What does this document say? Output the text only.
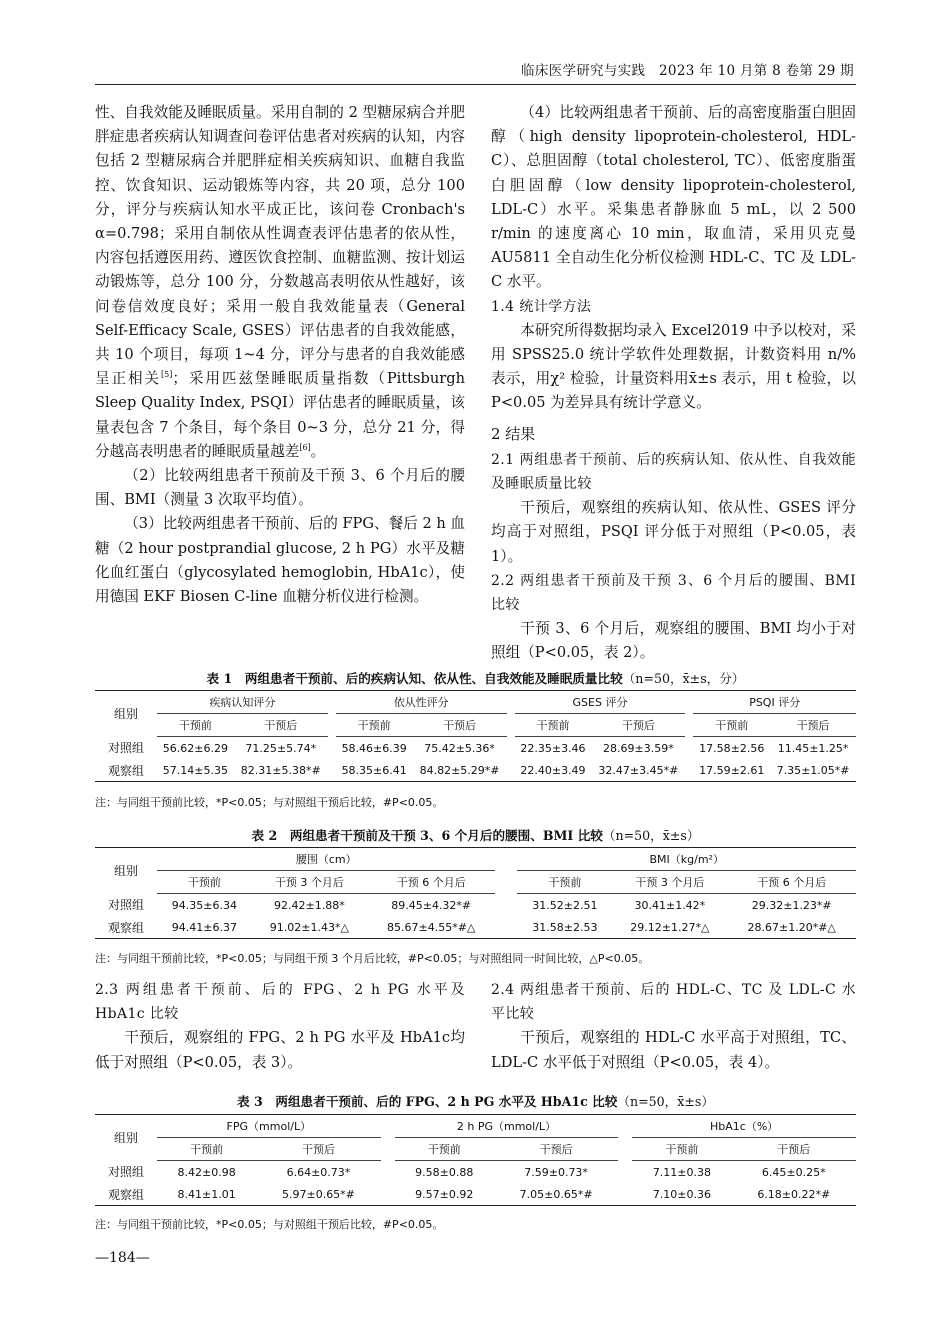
临床医学研究与实践　2023 年 10 月第 8 卷第 29 期

性、自我效能及睡眠质量。采用自制的 2 型糖尿病合并肥胖症患者疾病认知调查问卷评估患者对疾病的认知，内容包括 2 型糖尿病合并肥胖症相关疾病知识、血糖自我监控、饮食知识、运动锻炼等内容，共 20 项，总分 100 分，评分与疾病认知水平成正比，该问卷 Cronbach's α=0.798；采用自制依从性调查表评估患者的依从性，内容包括遵医用药、遵医饮食控制、血糖监测、按计划运动锻炼等，总分 100 分，分数越高表明依从性越好，该问卷信效度良好；采用一般自我效能量表（General Self-Efficacy Scale, GSES）评估患者的自我效能感，共 10 个项目，每项 1~4 分，评分与患者的自我效能感呈正相关[5]；采用匹兹堡睡眠质量指数（Pittsburgh Sleep Quality Index, PSQI）评估患者的睡眠质量，该量表包含 7 个条目，每个条目 0~3 分，总分 21 分，得分越高表明患者的睡眠质量越差[6]。

（2）比较两组患者干预前及干预 3、6 个月后的腰围、BMI（测量 3 次取平均值）。

（3）比较两组患者干预前、后的 FPG、餐后 2 h 血糖（2 hour postprandial glucose, 2 h PG）水平及糖化血红蛋白（glycosylated hemoglobin, HbA1c），使用德国 EKF Biosen C-line 血糖分析仪进行检测。

（4）比较两组患者干预前、后的高密度脂蛋白胆固醇（high density lipoprotein-cholesterol, HDL-C）、总胆固醇（total cholesterol, TC）、低密度脂蛋白胆固醇（low density lipoprotein-cholesterol, LDL-C）水平。采集患者静脉血 5 mL，以 2 500 r/min 的速度离心 10 min，取血清，采用贝克曼 AU5811 全自动生化分析仪检测 HDL-C、TC 及 LDL-C 水平。

1.4 统计学方法

本研究所得数据均录入 Excel2019 中予以校对，采用 SPSS25.0 统计学软件处理数据，计数资料用 n/% 表示，用χ² 检验，计量资料用x̄±s 表示，用 t 检验，以 P<0.05 为差异具有统计学意义。

2 结果

2.1 两组患者干预前、后的疾病认知、依从性、自我效能及睡眠质量比较

干预后，观察组的疾病认知、依从性、GSES 评分均高于对照组，PSQI 评分低于对照组（P<0.05，表 1）。

2.2 两组患者干预前及干预 3、6 个月后的腰围、BMI 比较

干预 3、6 个月后，观察组的腰围、BMI 均小于对照组（P<0.05，表 2）。

表 1　两组患者干预前、后的疾病认知、依从性、自我效能及睡眠质量比较（n=50，x̄±s，分）
组别	疾病认知评分			依从性评分			GSES 评分			PSQI 评分	
	干预前	干预后		干预前	干预后		干预前	干预后		干预前	干预后
对照组	56.62±6.29	71.25±5.74*		58.46±6.39	75.42±5.36*		22.35±3.46	28.69±3.59*		17.58±2.56	11.45±1.25*
观察组	57.14±5.35	82.31±5.38*#		58.35±6.41	84.82±5.29*#		22.40±3.49	32.47±3.45*#		17.59±2.61	7.35±1.05*#
注：与同组干预前比较，*P<0.05；与对照组干预后比较，#P<0.05。
表 2　两组患者干预前及干预 3、6 个月后的腰围、BMI 比较（n=50，x̄±s）
组别	腰围（cm）				BMI（kg/m²）		
	干预前	干预 3 个月后	干预 6 个月后		干预前	干预 3 个月后	干预 6 个月后
对照组	94.35±6.34	92.42±1.88*	89.45±4.32*#		31.52±2.51	30.41±1.42*	29.32±1.23*#
观察组	94.41±6.37	91.02±1.43*△	85.67±4.55*#△		31.58±2.53	29.12±1.27*△	28.67±1.20*#△
注：与同组干预前比较，*P<0.05；与同组干预 3 个月后比较，#P<0.05；与对照组同一时间比较，△P<0.05。

2.3 两组患者干预前、后的 FPG、2 h PG 水平及HbA1c 比较

干预后，观察组的 FPG、2 h PG 水平及 HbA1c均低于对照组（P<0.05，表 3）。

2.4 两组患者干预前、后的 HDL-C、TC 及 LDL-C 水平比较

干预后，观察组的 HDL-C 水平高于对照组，TC、LDL-C 水平低于对照组（P<0.05，表 4）。

表 3　两组患者干预前、后的 FPG、2 h PG 水平及 HbA1c 比较（n=50，x̄±s）
组别	FPG（mmol/L）			2 h PG（mmol/L）			HbA1c（%）	
	干预前	干预后		干预前	干预后		干预前	干预后
对照组	8.42±0.98	6.64±0.73*		9.58±0.88	7.59±0.73*		7.11±0.38	6.45±0.25*
观察组	8.41±1.01	5.97±0.65*#		9.57±0.92	7.05±0.65*#		7.10±0.36	6.18±0.22*#
注：与同组干预前比较，*P<0.05；与对照组干预后比较，#P<0.05。
—184—
